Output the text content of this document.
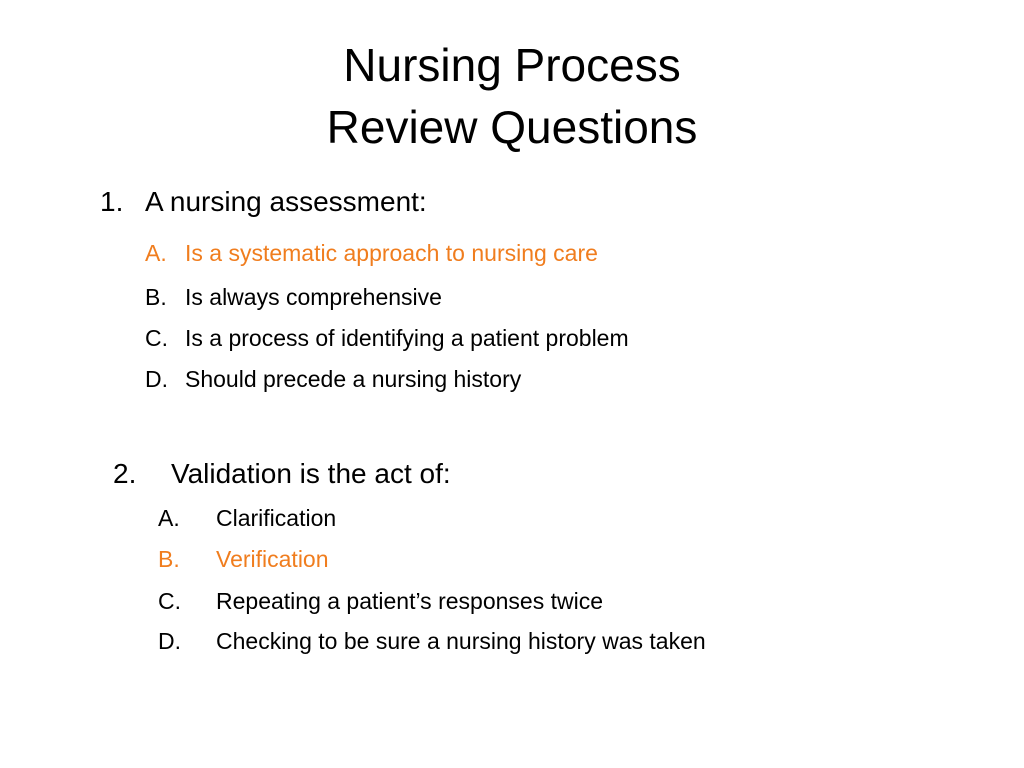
Nursing Process
Review Questions
1. A nursing assessment:
A. Is a systematic approach to nursing care
B. Is always comprehensive
C. Is a process of identifying a patient problem
D. Should precede a nursing history
2. Validation is the act of:
A. Clarification
B. Verification
C. Repeating a patient’s responses twice
D. Checking to be sure a nursing history was taken
